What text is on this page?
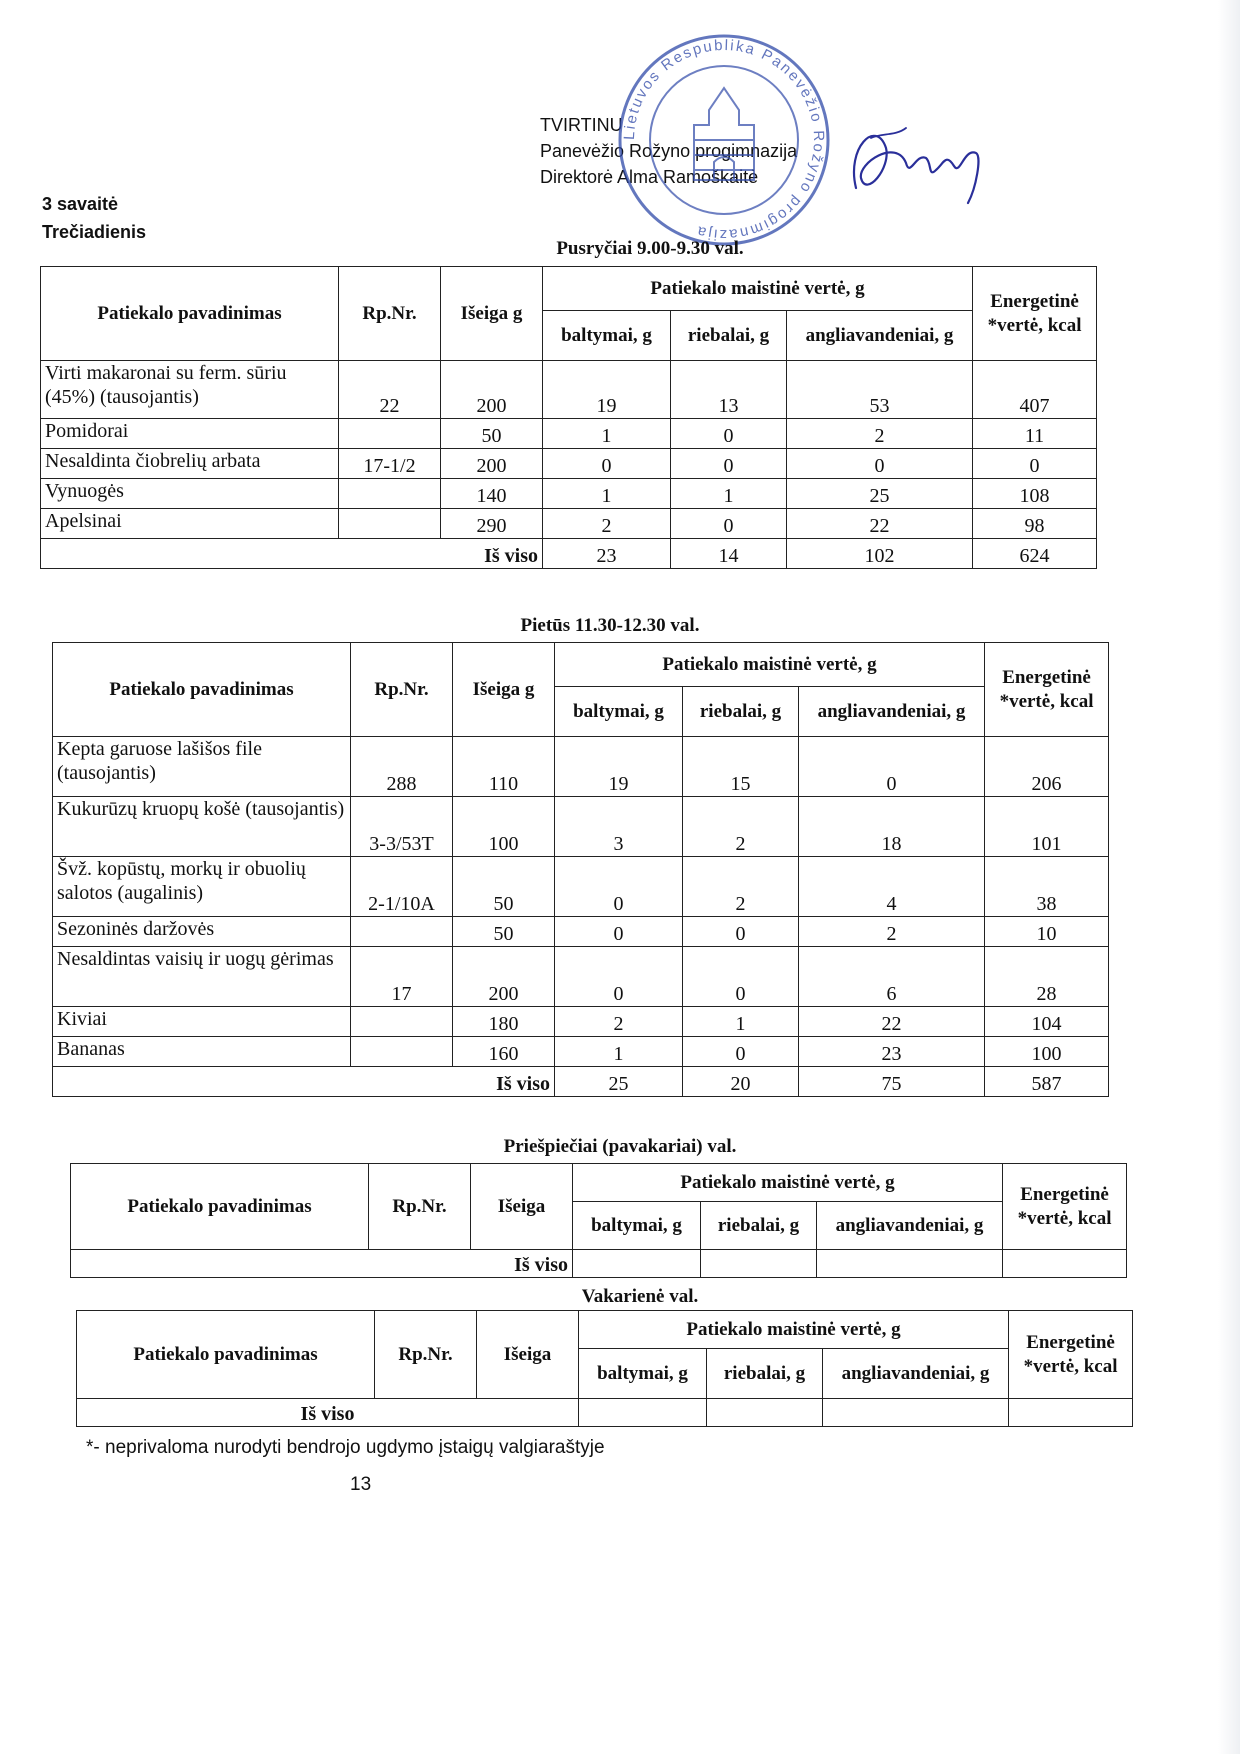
TVIRTINU
Panevėžio Rožyno progimnazija
Direktorė Alma Ramoškaitė
Lietuvos Respublika Panevėžio Rožyno progimnazija
3 savaitė
Trečiadienis
Pusryčiai 9.00-9.30 val.
Patiekalo pavadinimas	Rp.Nr.	Išeiga g	Patiekalo maistinė vertė, g			Energetinė *vertė, kcal
			baltymai, g	riebalai, g	angliavandeniai, g	
Virti makaronai su ferm. sūriu (45%) (tausojantis)	22	200	19	13	53	407
Pomidorai		50	1	0	2	11
Nesaldinta čiobrelių arbata	17-1/2	200	0	0	0	0
Vynuogės		140	1	1	25	108
Apelsinai		290	2	0	22	98
Iš viso			23	14	102	624
Pietūs 11.30-12.30 val.
Patiekalo pavadinimas	Rp.Nr.	Išeiga g	Patiekalo maistinė vertė, g			Energetinė *vertė, kcal
			baltymai, g	riebalai, g	angliavandeniai, g	
Kepta garuose lašišos file (tausojantis)	288	110	19	15	0	206
Kukurūzų kruopų košė (tausojantis)	3-3/53T	100	3	2	18	101
Švž. kopūstų, morkų ir obuolių salotos (augalinis)	2-1/10A	50	0	2	4	38
Sezoninės daržovės		50	0	0	2	10
Nesaldintas vaisių ir uogų gėrimas	17	200	0	0	6	28
Kiviai		180	2	1	22	104
Bananas		160	1	0	23	100
Iš viso			25	20	75	587
Priešpiečiai (pavakariai) val.
Patiekalo pavadinimas	Rp.Nr.	Išeiga	Patiekalo maistinė vertė, g			Energetinė *vertė, kcal
			baltymai, g	riebalai, g	angliavandeniai, g	
Iš viso						
Vakarienė val.
Patiekalo pavadinimas	Rp.Nr.	Išeiga	Patiekalo maistinė vertė, g			Energetinė *vertė, kcal
			baltymai, g	riebalai, g	angliavandeniai, g	
Iš viso						
*- neprivaloma nurodyti bendrojo ugdymo įstaigų valgiaraštyje
13
